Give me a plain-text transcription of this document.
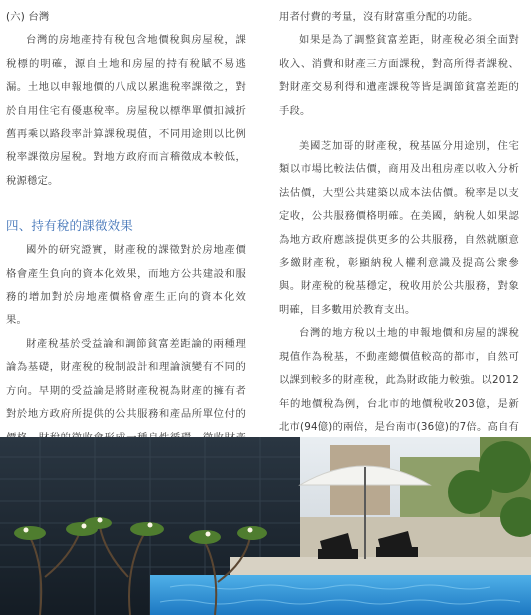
(六) 台灣

台灣的房地產持有稅包含地價稅與房屋稅，課稅標的明確，源自土地和房屋的持有稅賦不易逃漏。土地以申報地價的八成以累進稅率課徵之，對於自用住宅有優惠稅率。房屋稅以標準單價扣減折舊再乘以路段率計算課稅現值，不同用途則以比例稅率課徵房屋稅。對地方政府而言稽徵成本較低，稅源穩定。

四、持有稅的課徵效果

國外的研究證實，財產稅的課徵對於房地產價格會產生負向的資本化效果，而地方公共建設和服務的增加對於房地產價格會產生正向的資本化效果。

財產稅基於受益論和調節貧富差距論的兩種理論為基礎，財產稅的稅制設計和理論演變有不同的方向。早期的受益論是將財產稅視為財產的擁有者對於地方政府所提供的公共服務和產品所單位付的

用者付費的考量，沒有財富重分配的功能。

如果是為了調整貧富差距，財產稅必須全面對收入、消費和財產三方面課稅，對高所得者課稅、對財產交易利得和遺產課稅等皆是調節貧富差距的手段。

美國芝加哥的財產稅，稅基區分用途別，住宅類以市場比較法估價，商用及出租房產以收入分析法估價，大型公共建築以成本法估價。稅率是以支定收，公共服務價格明確。在美國，納稅人如果認為地方政府應該提供更多的公共服務，自然就願意多繳財產稅，彰顯納稅人權利意識及提高公衆參與。財產稅的稅基穩定，稅收用於公共服務，對象明確，目多數用於教育支出。

台灣的地方稅以土地的申報地價和房屋的課稅現值作為稅基，不動產總價值較高的都市，自然可以課到較多的財產稅，此為財政能力較強。以2012年的地價稅為例，台北市的地價稅收203億，是新北市(94億)的兩倍，是台南市(36億)的7倍。高自有
